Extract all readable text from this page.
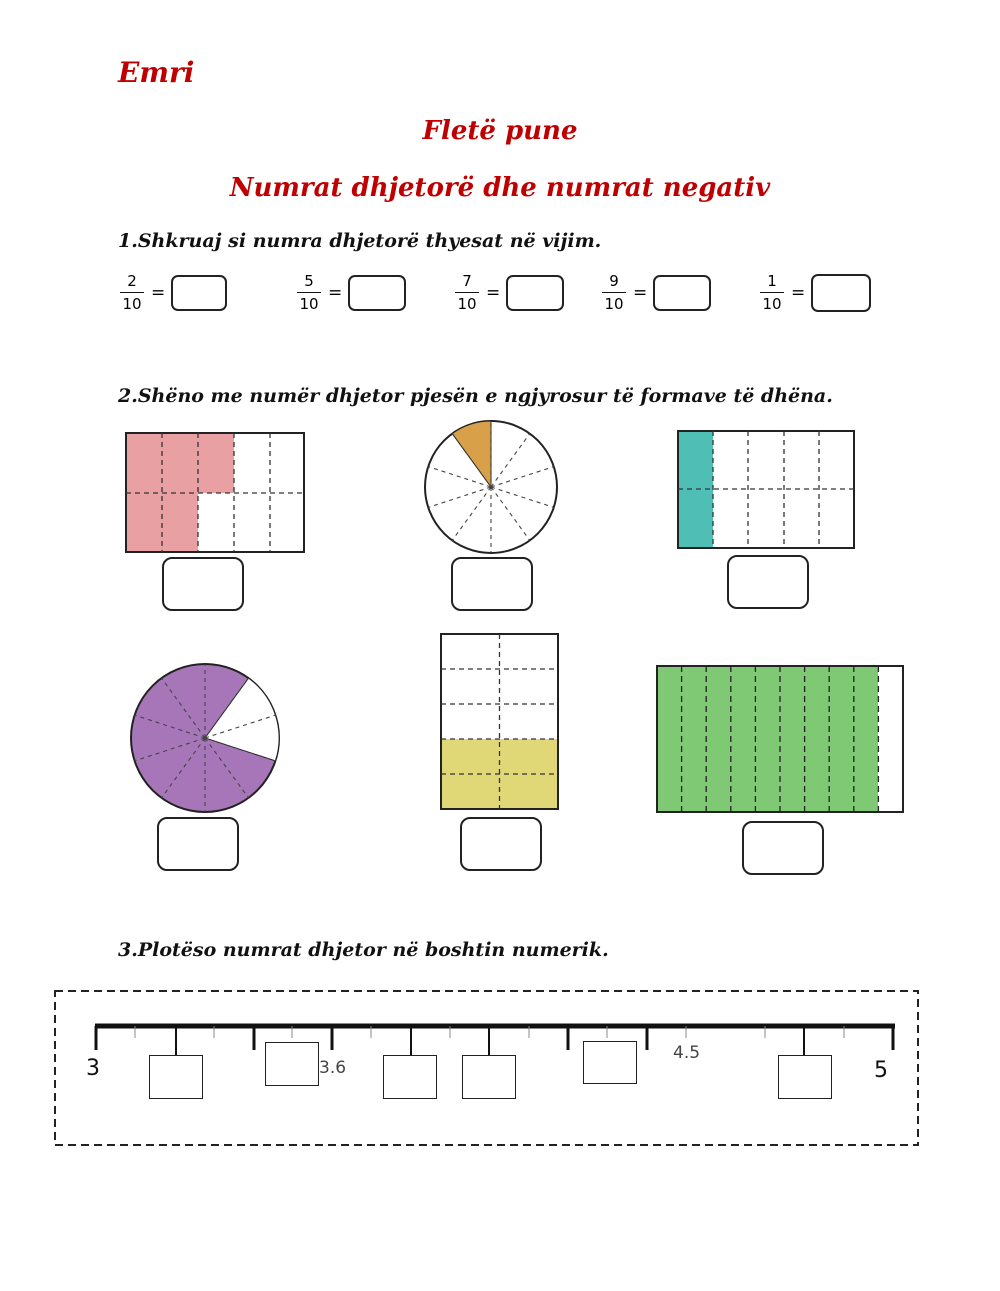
Emri
Fletë pune
Numrat dhjetorë dhe numrat negativ
1.Shkruaj si numra dhjetorë thyesat në vijim.
2
10
=
5
10
=
7
10
=
9
10
=
1
10
=
2.Shëno me numër dhjetor pjesën e ngjyrosur të formave të dhëna.
3.Plotëso numrat dhjetor në boshtin numerik.
3	5
3.6
4.5
